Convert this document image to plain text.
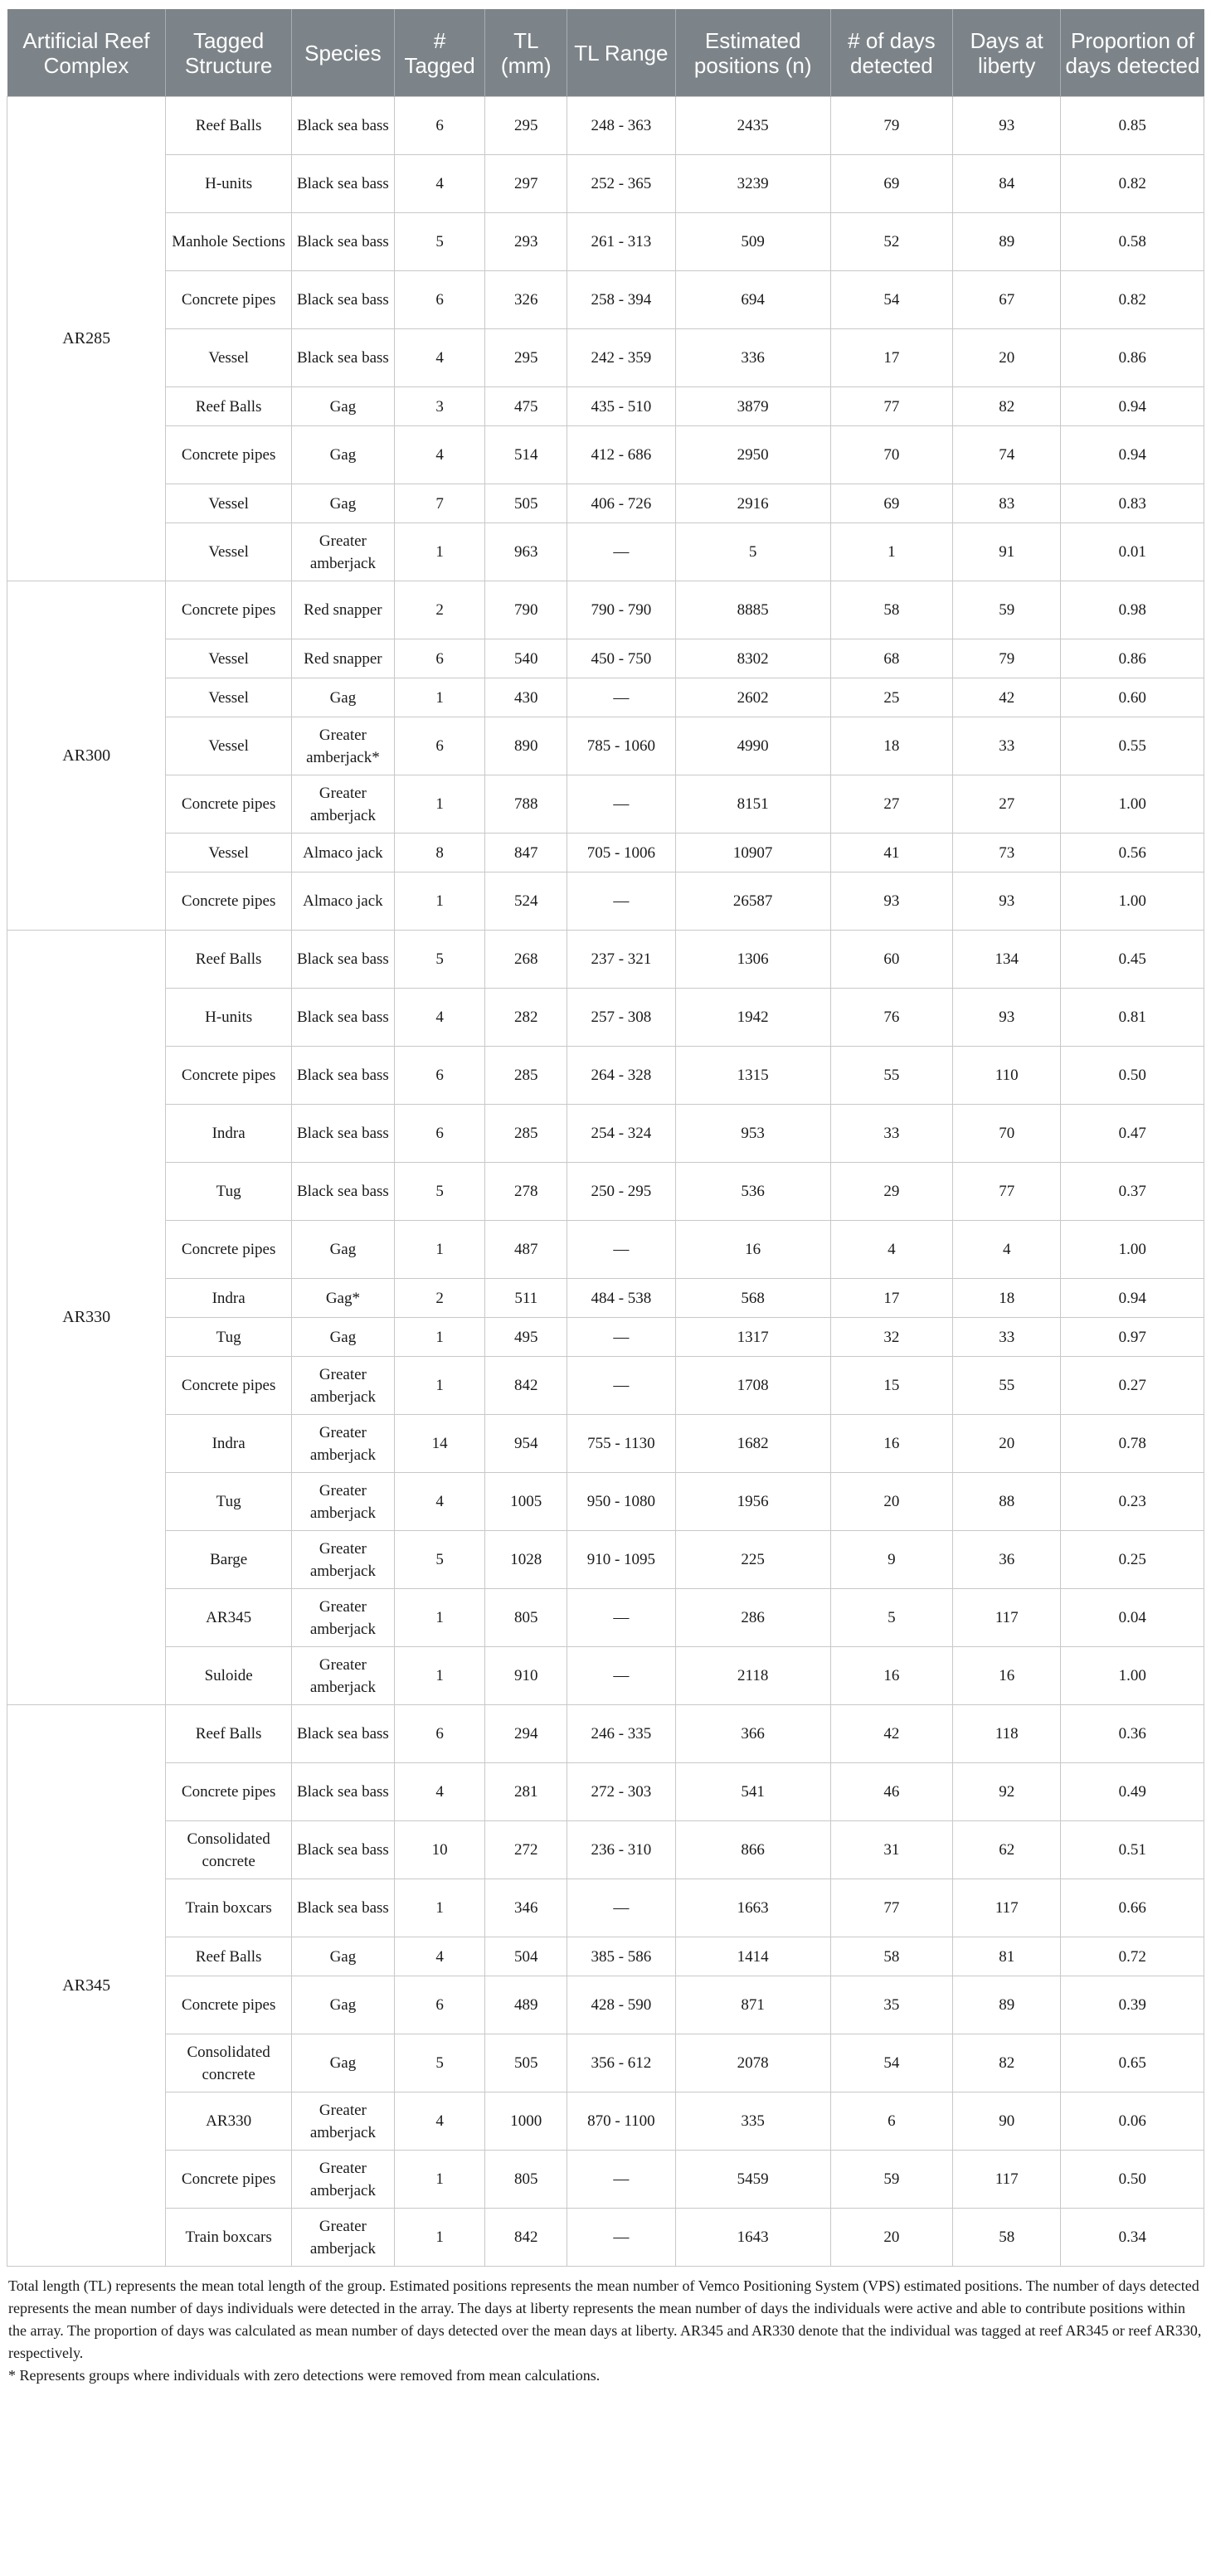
Artificial Reef Complex	Tagged Structure	Species	# Tagged	TL (mm)	TL Range	Estimated positions (n)	# of days detected	Days at liberty	Proportion of days detected
AR285	Reef Balls	Black sea bass	6	295	248 - 363	2435	79	93	0.85
	H-units	Black sea bass	4	297	252 - 365	3239	69	84	0.82
	Manhole Sections	Black sea bass	5	293	261 - 313	509	52	89	0.58
	Concrete pipes	Black sea bass	6	326	258 - 394	694	54	67	0.82
	Vessel	Black sea bass	4	295	242 - 359	336	17	20	0.86
	Reef Balls	Gag	3	475	435 - 510	3879	77	82	0.94
	Concrete pipes	Gag	4	514	412 - 686	2950	70	74	0.94
	Vessel	Gag	7	505	406 - 726	2916	69	83	0.83
	Vessel	Greater amberjack	1	963	—	5	1	91	0.01
AR300	Concrete pipes	Red snapper	2	790	790 - 790	8885	58	59	0.98
	Vessel	Red snapper	6	540	450 - 750	8302	68	79	0.86
	Vessel	Gag	1	430	—	2602	25	42	0.60
	Vessel	Greater amberjack*	6	890	785 - 1060	4990	18	33	0.55
	Concrete pipes	Greater amberjack	1	788	—	8151	27	27	1.00
	Vessel	Almaco jack	8	847	705 - 1006	10907	41	73	0.56
	Concrete pipes	Almaco jack	1	524	—	26587	93	93	1.00
AR330	Reef Balls	Black sea bass	5	268	237 - 321	1306	60	134	0.45
	H-units	Black sea bass	4	282	257 - 308	1942	76	93	0.81
	Concrete pipes	Black sea bass	6	285	264 - 328	1315	55	110	0.50
	Indra	Black sea bass	6	285	254 - 324	953	33	70	0.47
	Tug	Black sea bass	5	278	250 - 295	536	29	77	0.37
	Concrete pipes	Gag	1	487	—	16	4	4	1.00
	Indra	Gag*	2	511	484 - 538	568	17	18	0.94
	Tug	Gag	1	495	—	1317	32	33	0.97
	Concrete pipes	Greater amberjack	1	842	—	1708	15	55	0.27
	Indra	Greater amberjack	14	954	755 - 1130	1682	16	20	0.78
	Tug	Greater amberjack	4	1005	950 - 1080	1956	20	88	0.23
	Barge	Greater amberjack	5	1028	910 - 1095	225	9	36	0.25
	AR345	Greater amberjack	1	805	—	286	5	117	0.04
	Suloide	Greater amberjack	1	910	—	2118	16	16	1.00
AR345	Reef Balls	Black sea bass	6	294	246 - 335	366	42	118	0.36
	Concrete pipes	Black sea bass	4	281	272 - 303	541	46	92	0.49
	Consolidated concrete	Black sea bass	10	272	236 - 310	866	31	62	0.51
	Train boxcars	Black sea bass	1	346	—	1663	77	117	0.66
	Reef Balls	Gag	4	504	385 - 586	1414	58	81	0.72
	Concrete pipes	Gag	6	489	428 - 590	871	35	89	0.39
	Consolidated concrete	Gag	5	505	356 - 612	2078	54	82	0.65
	AR330	Greater amberjack	4	1000	870 - 1100	335	6	90	0.06
	Concrete pipes	Greater amberjack	1	805	—	5459	59	117	0.50
	Train boxcars	Greater amberjack	1	842	—	1643	20	58	0.34

Total length (TL) represents the mean total length of the group. Estimated positions represents the mean number of Vemco Positioning System (VPS) estimated positions. The number of days detected represents the mean number of days individuals were detected in the array. The days at liberty represents the mean number of days the individuals were active and able to contribute positions within the array. The proportion of days was calculated as mean number of days detected over the mean days at liberty. AR345 and AR330 denote that the individual was tagged at reef AR345 or reef AR330, respectively.

* Represents groups where individuals with zero detections were removed from mean calculations.
